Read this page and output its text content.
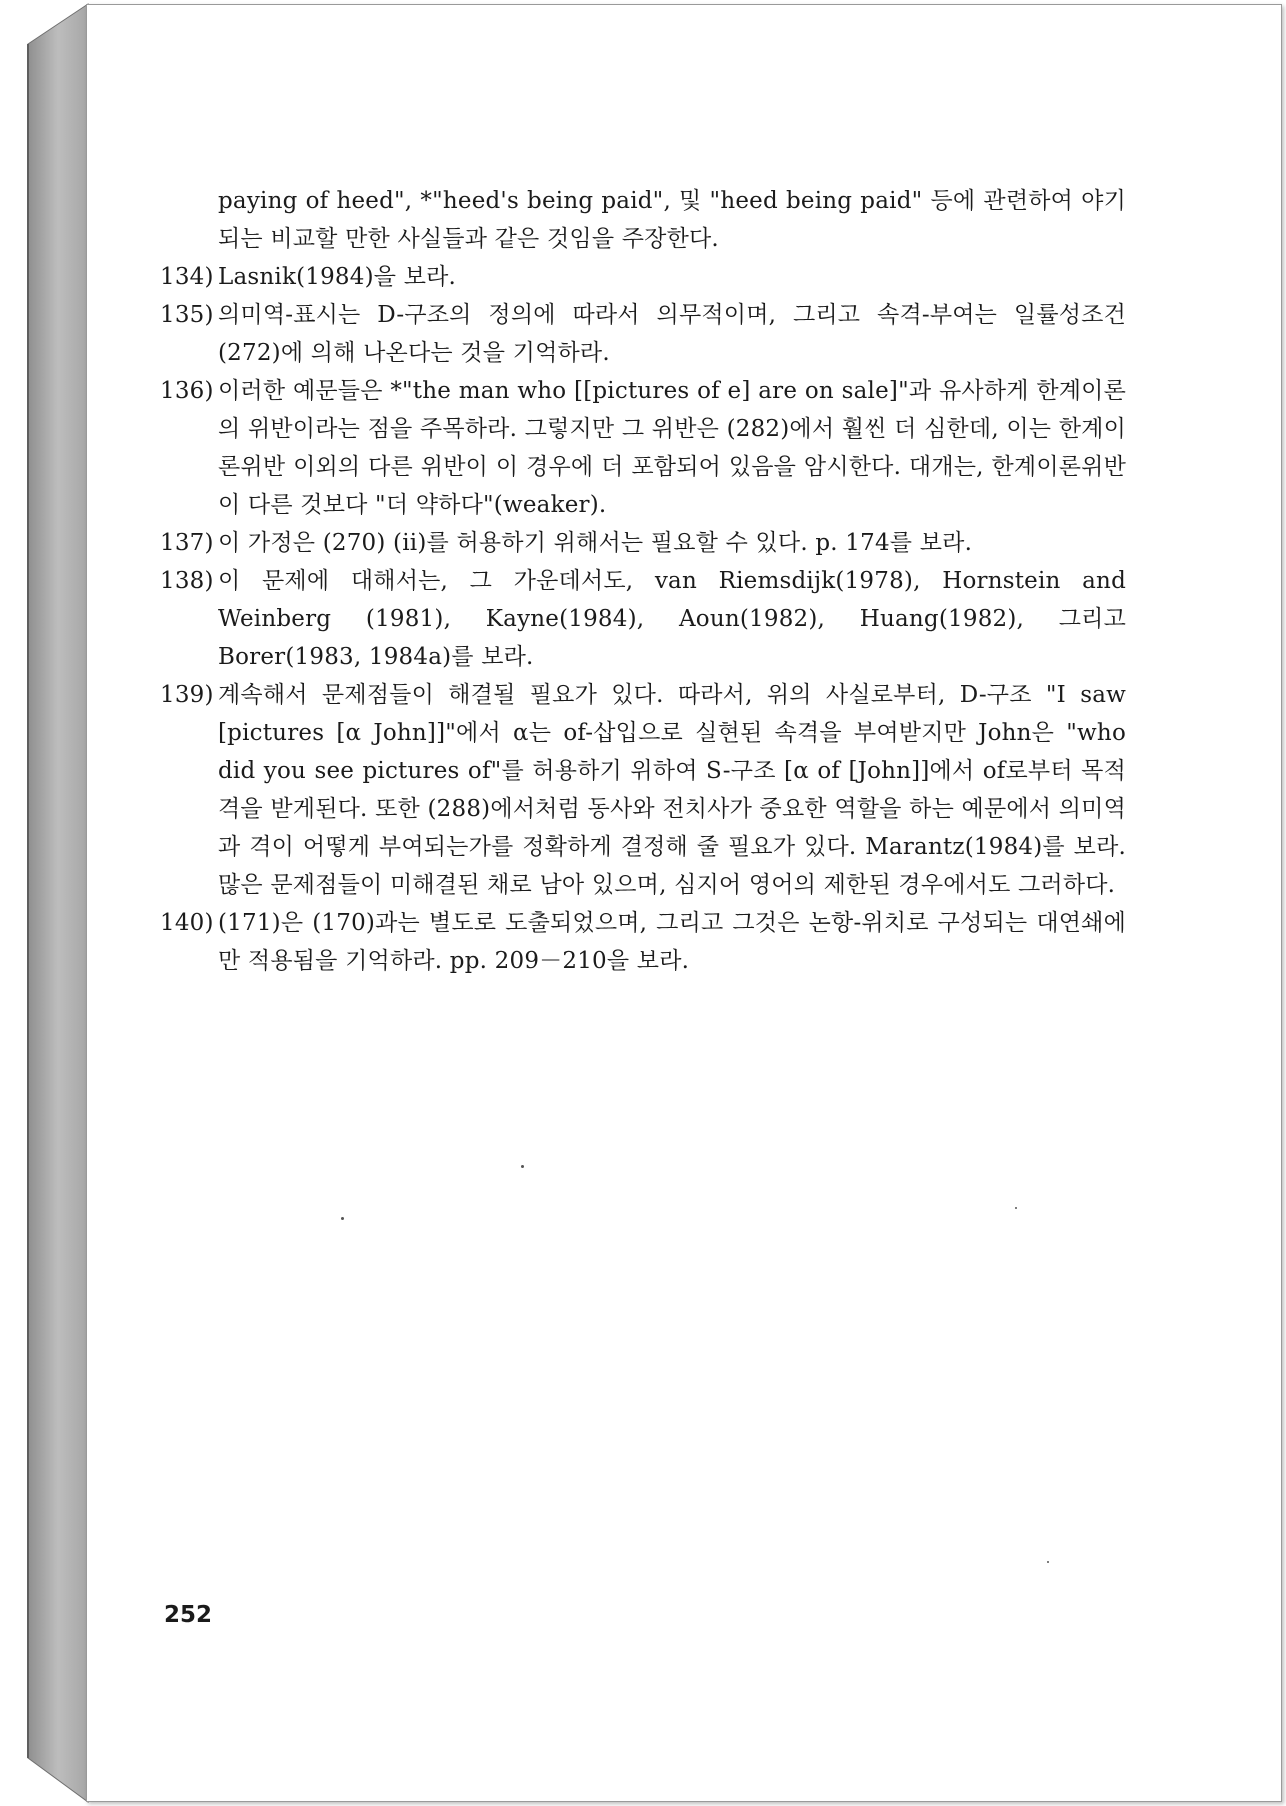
paying of heed", *"heed's being paid", 및 "heed being paid" 등에 관련하여 야기되는 비교할 만한 사실들과 같은 것임을 주장한다.
134) Lasnik(1984)을 보라.
135) 의미역-표시는 D-구조의 정의에 따라서 의무적이며, 그리고 속격-부여는 일률성조건 (272)에 의해 나온다는 것을 기억하라.
136) 이러한 예문들은 *"the man who [[pictures of e] are on sale]"과 유사하게 한계이론의 위반이라는 점을 주목하라. 그렇지만 그 위반은 (282)에서 훨씬 더 심한데, 이는 한계이론위반 이외의 다른 위반이 이 경우에 더 포함되어 있음을 암시한다. 대개는, 한계이론위반이 다른 것보다 "더 약하다"(weaker).
137) 이 가정은 (270) (ii)를 허용하기 위해서는 필요할 수 있다. p. 174를 보라.
138) 이 문제에 대해서는, 그 가운데서도, van Riemsdijk(1978), Hornstein and Weinberg (1981), Kayne(1984), Aoun(1982), Huang(1982), 그리고 Borer(1983, 1984a)를 보라.
139) 계속해서 문제점들이 해결될 필요가 있다. 따라서, 위의 사실로부터, D-구조 "I saw [pictures [α John]]"에서 α는 of-삽입으로 실현된 속격을 부여받지만 John은 "who did you see pictures of"를 허용하기 위하여 S-구조 [α of [John]]에서 of로부터 목적격을 받게된다. 또한 (288)에서처럼 동사와 전치사가 중요한 역할을 하는 예문에서 의미역과 격이 어떻게 부여되는가를 정확하게 결정해 줄 필요가 있다. Marantz(1984)를 보라. 많은 문제점들이 미해결된 채로 남아 있으며, 심지어 영어의 제한된 경우에서도 그러하다.
140) (171)은 (170)과는 별도로 도출되었으며, 그리고 그것은 논항-위치로 구성되는 대연쇄에만 적용됨을 기억하라. pp. 209－210을 보라.
252
